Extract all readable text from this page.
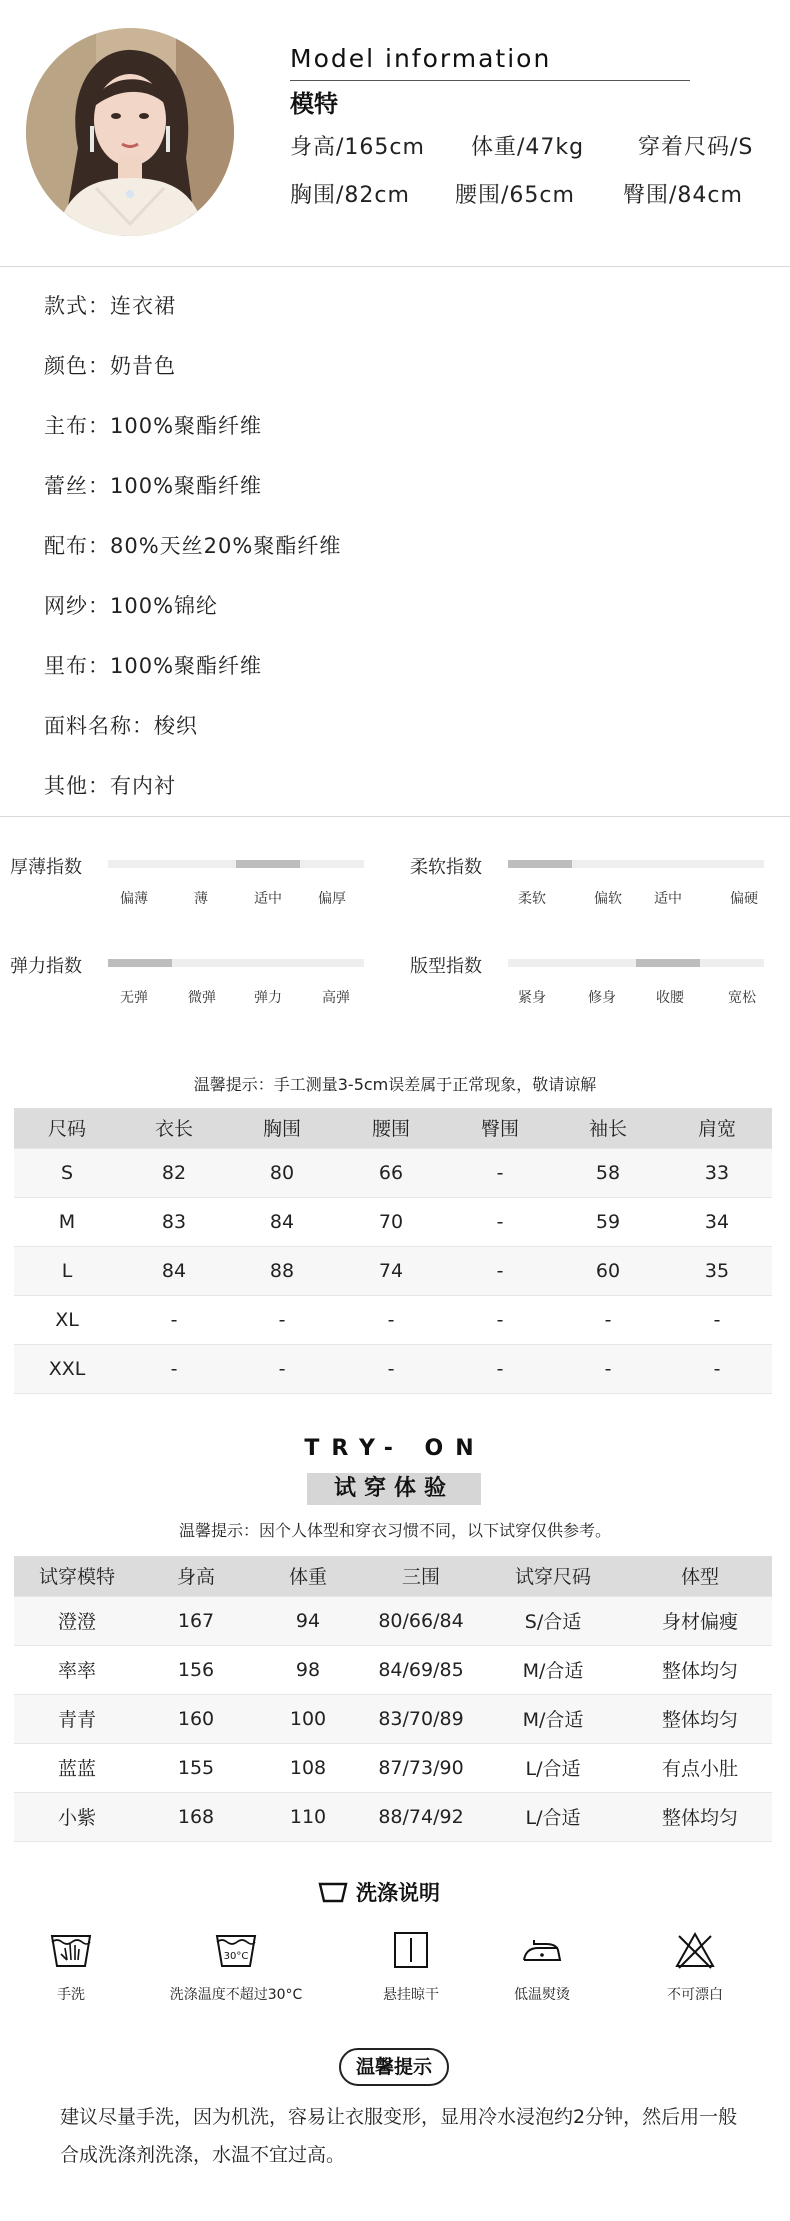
Model information
模特
身高/165cm 体重/47kg 穿着尺码/S
胸围/82cm 腰围/65cm 臀围/84cm
款式：连衣裙
颜色：奶昔色
主布：100%聚酯纤维
蕾丝：100%聚酯纤维
配布：80%天丝20%聚酯纤维
网纱：100%锦纶
里布：100%聚酯纤维
面料名称：梭织
其他：有内衬
厚薄指数
偏薄	薄	适中	偏厚
柔软指数
柔软	偏软 适中	偏硬
弹力指数
无弹	微弹	弹力	高弹
版型指数
紧身	修身	收腰	宽松
温馨提示：手工测量3-5cm误差属于正常现象，敬请谅解
尺码	衣长	胸围	腰围	臀围	袖长	肩宽
S	82	80	66	-	58	33
M	83	84	70	-	59	34
L	84	88	74	-	60	35
XL	-	-	-	-	-	-
XXL	-	-	-	-	-	-
TRY- ON
试穿体验
温馨提示：因个人体型和穿衣习惯不同，以下试穿仅供参考。
试穿模特	身高	体重	三围	试穿尺码	体型
澄澄	167	94	80/66/84	S/合适	身材偏瘦
率率	156	98	84/69/85	M/合适	整体均匀
青青	160	100	83/70/89	M/合适	整体均匀
蓝蓝	155	108	87/73/90	L/合适	有点小肚
小紫	168	110	88/74/92	L/合适	整体均匀
洗涤说明
手洗
30°C
洗涤温度不超过30°C	悬挂晾干	低温熨烫	不可漂白
温馨提示
建议尽量手洗，因为机洗，容易让衣服变形，显用冷水浸泡约2分钟，然后用一般合成洗涤剂洗涤，水温不宜过高。
